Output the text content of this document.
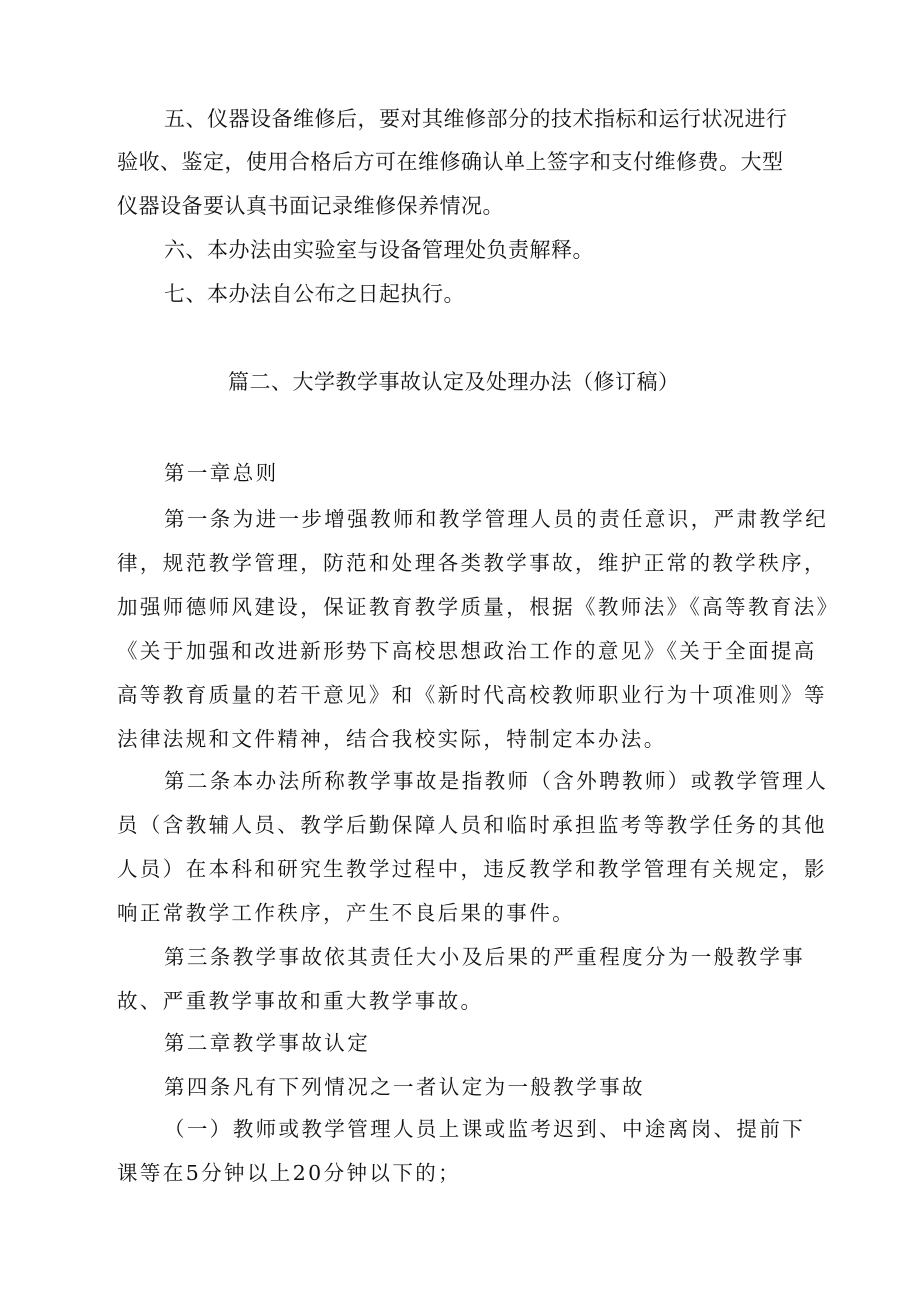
五、仪器设备维修后，要对其维修部分的技术指标和运行状况进行

验收、鉴定，使用合格后方可在维修确认单上签字和支付维修费。大型

仪器设备要认真书面记录维修保养情况。

六、本办法由实验室与设备管理处负责解释。

七、本办法自公布之日起执行。

篇二、大学教学事故认定及处理办法（修订稿）

第一章总则

第一条为进一步增强教师和教学管理人员的责任意识，严肃教学纪

律，规范教学管理，防范和处理各类教学事故，维护正常的教学秩序，

加强师德师风建设，保证教育教学质量，根据《教师法》《高等教育法》

《关于加强和改进新形势下高校思想政治工作的意见》《关于全面提高

高等教育质量的若干意见》和《新时代高校教师职业行为十项准则》等

法律法规和文件精神，结合我校实际，特制定本办法。

第二条本办法所称教学事故是指教师（含外聘教师）或教学管理人

员（含教辅人员、教学后勤保障人员和临时承担监考等教学任务的其他

人员）在本科和研究生教学过程中，违反教学和教学管理有关规定，影

响正常教学工作秩序，产生不良后果的事件。

第三条教学事故依其责任大小及后果的严重程度分为一般教学事

故、严重教学事故和重大教学事故。

第二章教学事故认定

第四条凡有下列情况之一者认定为一般教学事故

（一）教师或教学管理人员上课或监考迟到、中途离岗、提前下

课等在5分钟以上20分钟以下的；
